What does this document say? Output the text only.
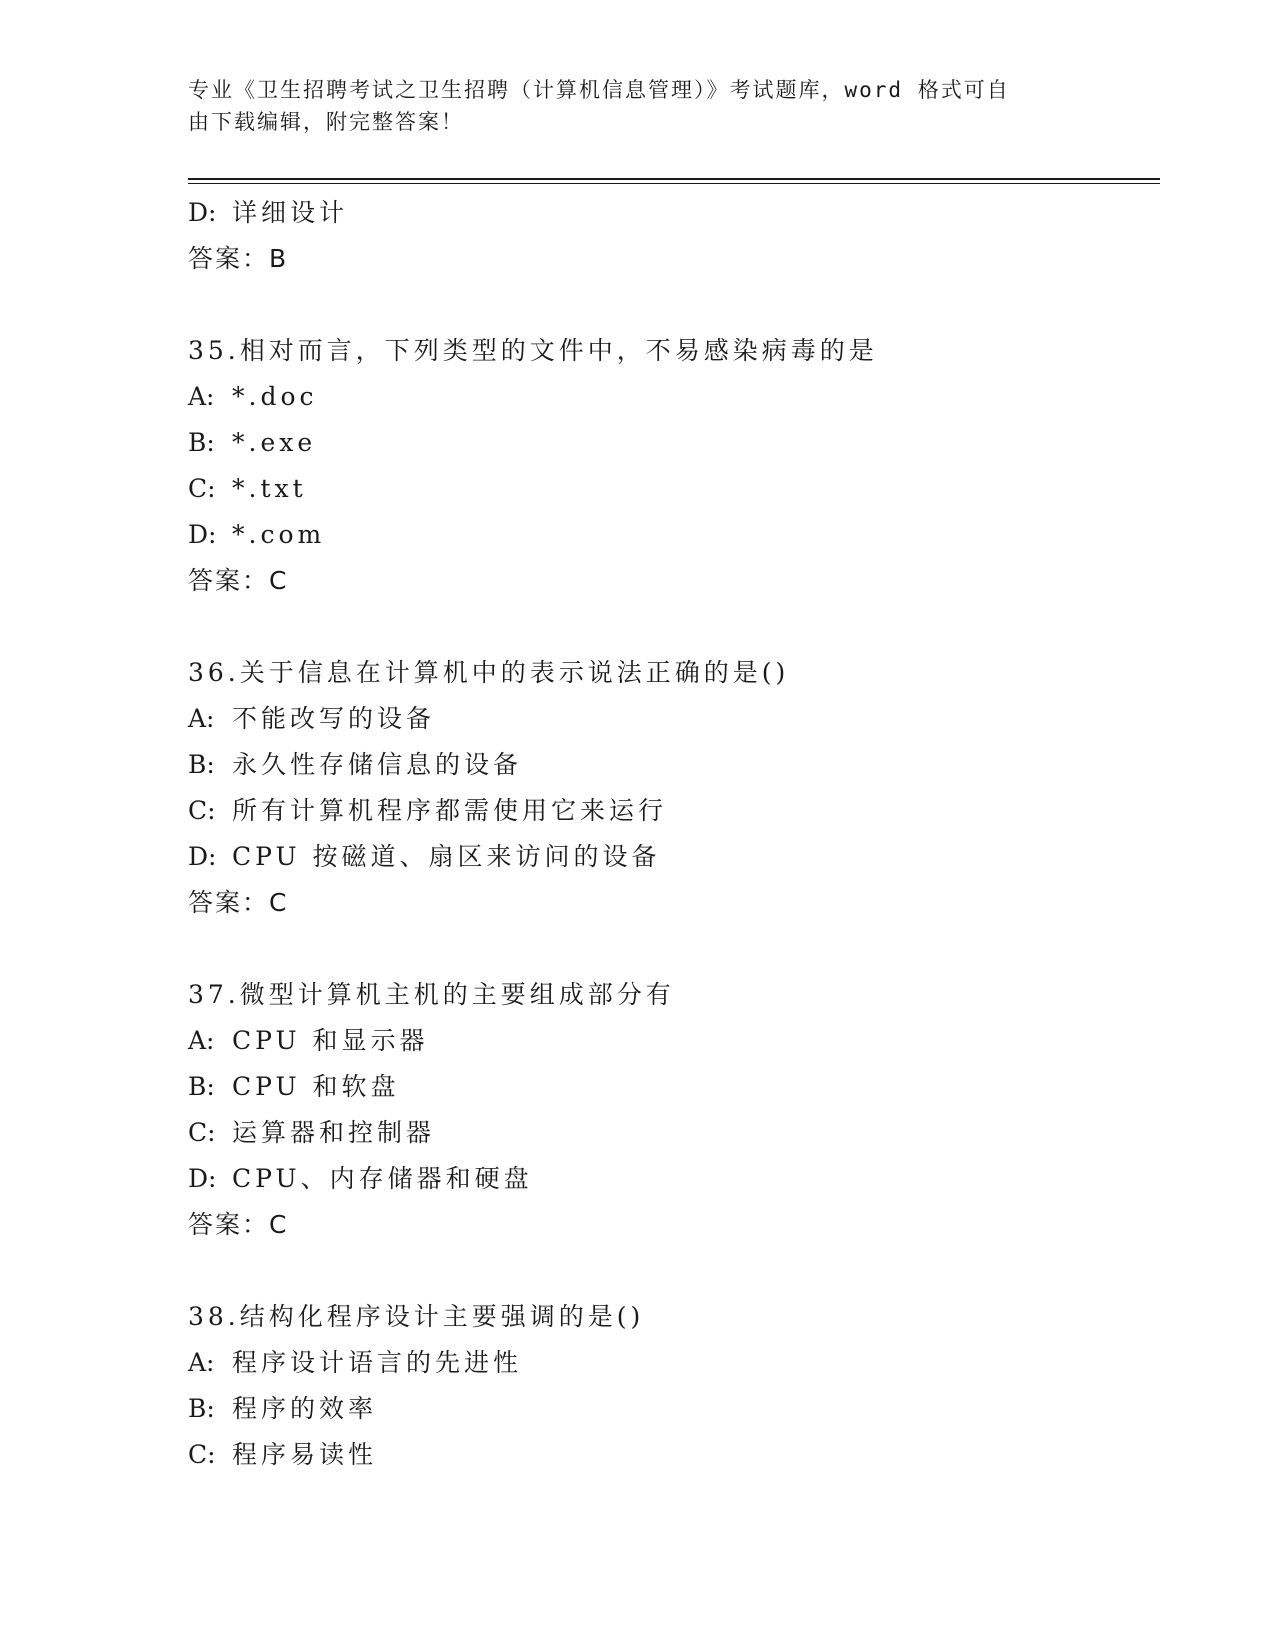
专业《卫生招聘考试之卫生招聘（计算机信息管理）》考试题库，word 格式可自
由下载编辑，附完整答案！
D: 详细设计
答案：B
35.相对而言，下列类型的文件中，不易感染病毒的是
A: *.doc
B: *.exe
C: *.txt
D: *.com
答案：C
36.关于信息在计算机中的表示说法正确的是()
A: 不能改写的设备
B: 永久性存储信息的设备
C: 所有计算机程序都需使用它来运行
D: CPU 按磁道、扇区来访问的设备
答案：C
37.微型计算机主机的主要组成部分有
A: CPU 和显示器
B: CPU 和软盘
C: 运算器和控制器
D: CPU、内存储器和硬盘
答案：C
38.结构化程序设计主要强调的是()
A: 程序设计语言的先进性
B: 程序的效率
C: 程序易读性
